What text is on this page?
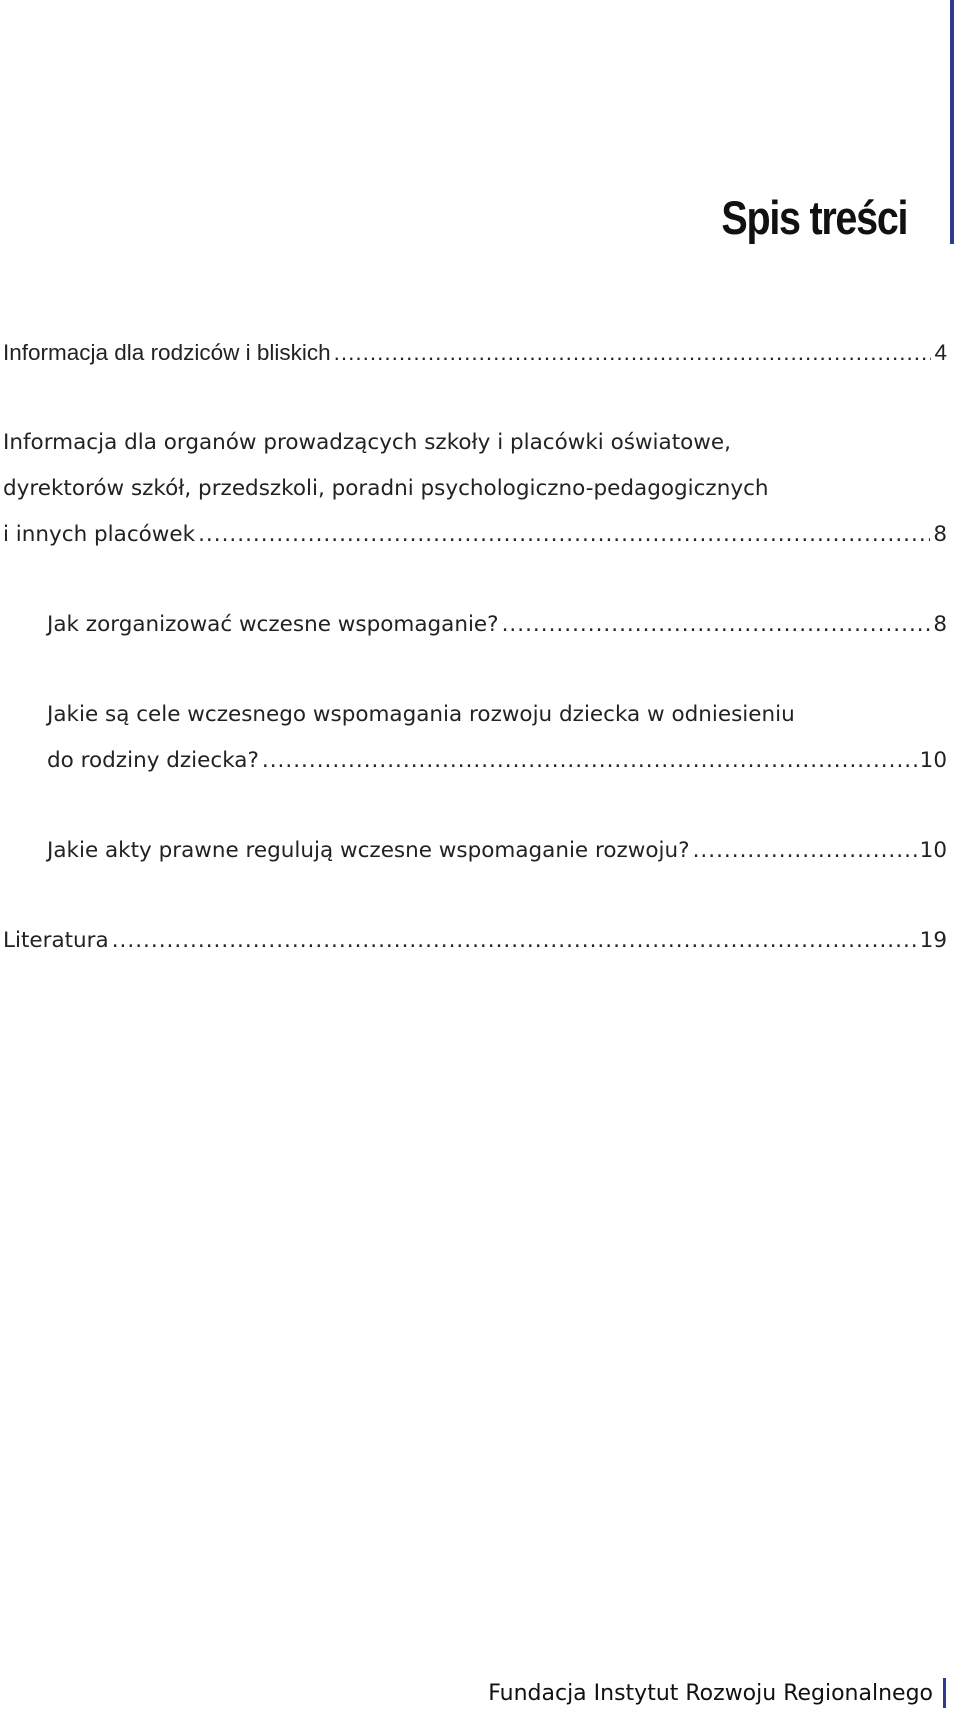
Spis treści
Informacja dla rodziców i bliskich .....	4
Informacja dla organów prowadzących szkoły i placówki oświatowe,
dyrektorów szkół, przedszkoli, poradni psychologiczno-pedagogicznych
i innych placówek .....	8
Jak zorganizować wczesne wspomaganie? .....	8
Jakie są cele wczesnego wspomagania rozwoju dziecka w odniesieniu
do rodziny dziecka? .....	10
Jakie akty prawne regulują wczesne wspomaganie rozwoju? .....	10
Literatura .....	19
Fundacja Instytut Rozwoju Regionalnego
